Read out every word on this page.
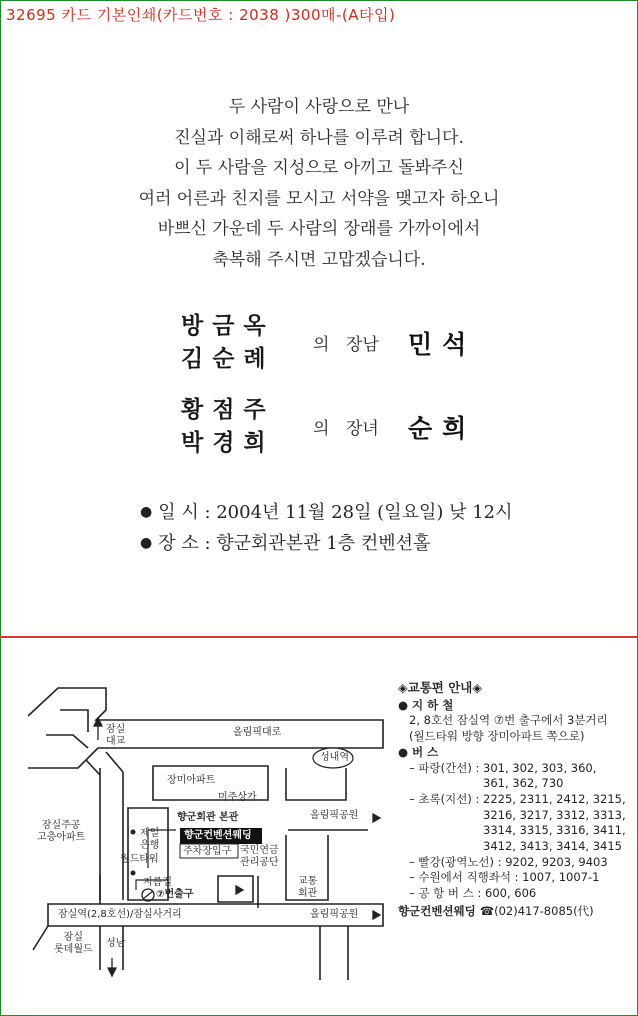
32695 카드 기본인쇄(카드번호 : 2038 )300매-(A타입)
두 사람이 사랑으로 만나
진실과 이해로써 하나를 이루려 합니다.
이 두 사람을 지성으로 아끼고 돌봐주신
여러 어른과 친지를 모시고 서약을 맺고자 하오니
바쁘신 가운데 두 사람의 장래를 가까이에서
축복해 주시면 고맙겠습니다.
방금옥
김순례 의 장남 민석
황점주
박경희 의 장녀 순희
● 일 시 : 2004년 11월 28일 (일요일) 낮 12시
● 장 소 : 향군회관본관 1층 컨벤션홀
잠실
대교
올림픽대로
성내역
장미아파트
미주상가
잠실주공
고층아파트
향군회관 본관
향군컨벤션웨딩
제일
은행
월드타워
주차장입구 국민연금
관리공단
지름길
⑦번출구
올림픽공원
교통
회관
올림픽공원
잠실역(2,8호선)/잠실사거리
잠실
롯데월드
성남
◈교통편 안내◈
● 지 하 철
2, 8호선 잠실역 ⑦번 출구에서 3분거리
(월드타워 방향 장미아파트 쪽으로)
● 버 스
– 파랑(간선) : 301, 302, 303, 360,
361, 362, 730
– 초록(지선) : 2225, 2311, 2412, 3215,
3216, 3217, 3312, 3313,
3314, 3315, 3316, 3411,
3412, 3413, 3414, 3415
– 빨강(광역노선) : 9202, 9203, 9403
– 수원에서 직행좌석 : 1007, 1007-1
– 공 항 버 스 : 600, 606
향군컨벤션웨딩 ☎(02)417-8085(代)
